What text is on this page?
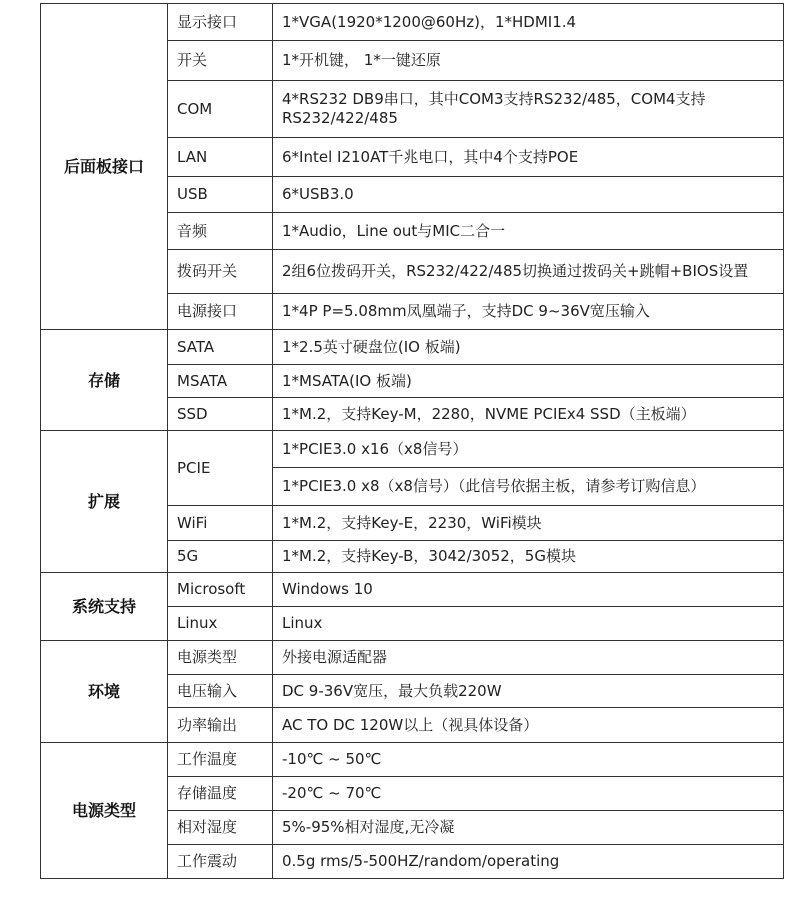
后面板接口	显示接口	1*VGA(1920*1200@60Hz)，1*HDMI1.4
	开关	1*开机键， 1*一键还原
	COM	4*RS232 DB9串口，其中COM3支持RS232/485，COM4支持RS232/422/485
	LAN	6*Intel I210AT千兆电口，其中4个支持POE
	USB	6*USB3.0
	音频	1*Audio，Line out与MIC二合一
	拨码开关	2组6位拨码开关，RS232/422/485切换通过拨码关+跳帽+BIOS设置
	电源接口	1*4P P=5.08mm凤凰端子，支持DC 9~36V宽压输入
存储	SATA	1*2.5英寸硬盘位(IO 板端)
	MSATA	1*MSATA(IO 板端)
	SSD	1*M.2，支持Key-M，2280，NVME PCIEx4 SSD（主板端）
扩展	PCIE	1*PCIE3.0 x16（x8信号）
		1*PCIE3.0 x8（x8信号）（此信号依据主板，请参考订购信息）
	WiFi	1*M.2，支持Key-E，2230，WiFi模块
	5G	1*M.2，支持Key-B，3042/3052，5G模块
系统支持	Microsoft	Windows 10
	Linux	Linux
环境	电源类型	外接电源适配器
	电压输入	DC 9-36V宽压，最大负载220W
	功率输出	AC TO DC 120W以上（视具体设备）
电源类型	工作温度	-10℃ ~ 50℃
	存储温度	-20℃ ~ 70℃
	相对湿度	5%-95%相对湿度,无冷凝
	工作震动	0.5g rms/5-500HZ/random/operating
